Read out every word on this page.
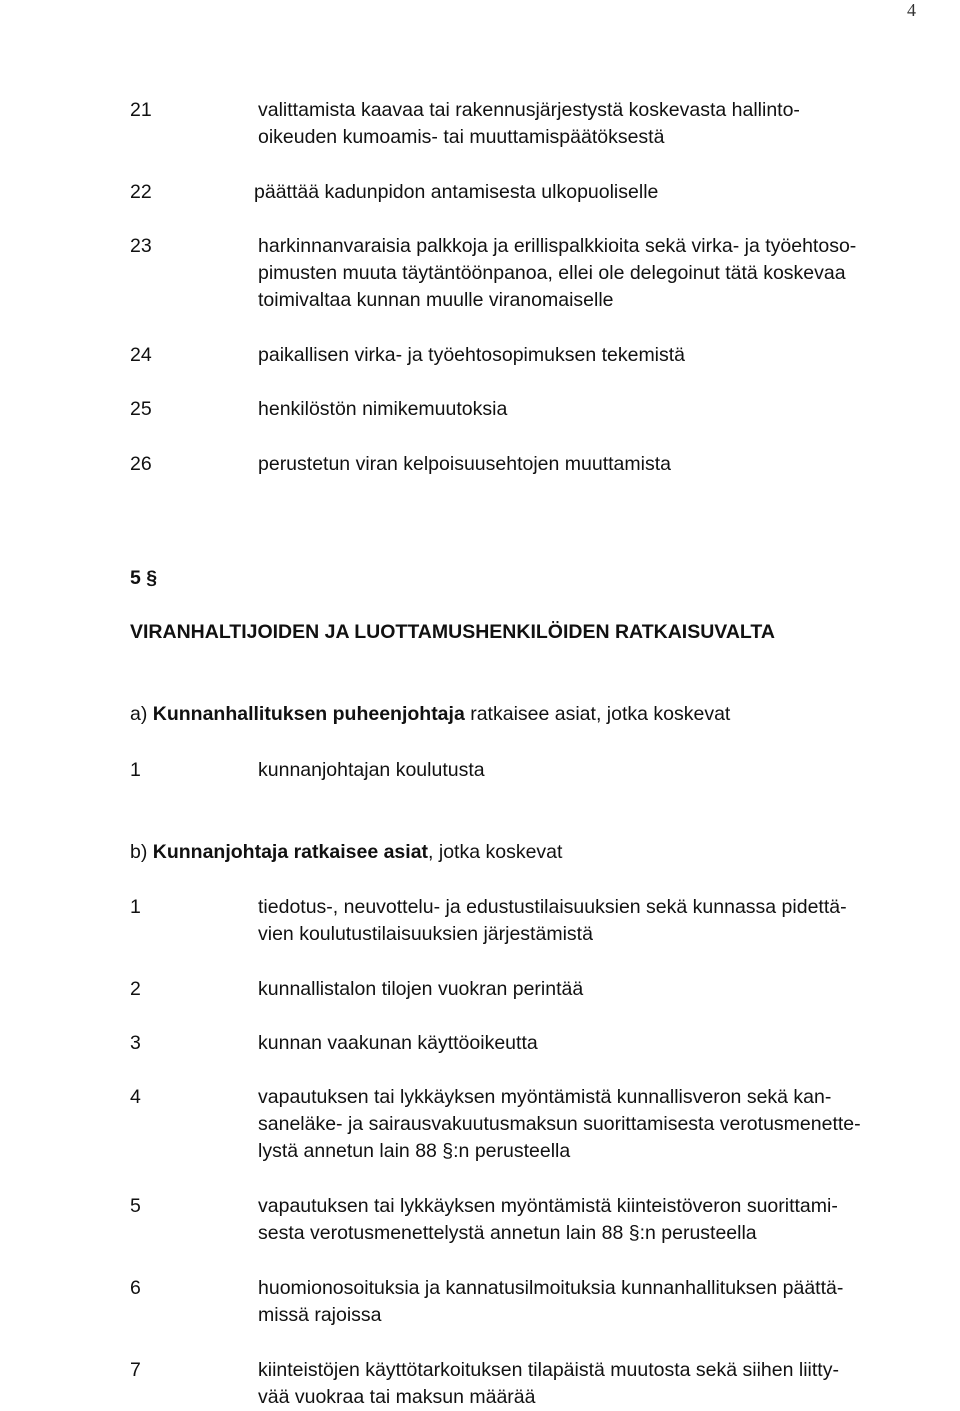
4
21	valittamista kaavaa tai rakennusjärjestystä koskevasta hallinto-
oikeuden kumoamis- tai muuttamispäätöksestä
22	päättää kadunpidon antamisesta ulkopuoliselle
23	harkinnanvaraisia palkkoja ja erillispalkkioita sekä virka- ja työehtoso-
pimusten muuta täytäntöönpanoa, ellei ole delegoinut tätä koskevaa
toimivaltaa kunnan muulle viranomaiselle
24	paikallisen virka- ja työehtosopimuksen tekemistä
25	henkilöstön nimikemuutoksia
26	perustetun viran kelpoisuusehtojen muuttamista
5 §
VIRANHALTIJOIDEN JA LUOTTAMUSHENKILÖIDEN RATKAISUVALTA
a) Kunnanhallituksen puheenjohtaja ratkaisee asiat, jotka koskevat
1	kunnanjohtajan koulutusta
b) Kunnanjohtaja ratkaisee asiat, jotka koskevat
1	tiedotus-, neuvottelu- ja edustustilaisuuksien sekä kunnassa pidettä-
vien koulutustilaisuuksien järjestämistä
2	kunnallistalon tilojen vuokran perintää
3	kunnan vaakunan käyttöoikeutta
4	vapautuksen tai lykkäyksen myöntämistä kunnallisveron sekä kan-
saneläke- ja sairausvakuutusmaksun suorittamisesta verotusmenette-
lystä annetun lain 88 §:n perusteella
5	vapautuksen tai lykkäyksen myöntämistä kiinteistöveron suorittami-
sesta verotusmenettelystä annetun lain 88 §:n perusteella
6	huomionosoituksia ja kannatusilmoituksia kunnanhallituksen päättä-
missä rajoissa
7	kiinteistöjen käyttötarkoituksen tilapäistä muutosta sekä siihen liitty-
vää vuokraa tai maksun määrää
